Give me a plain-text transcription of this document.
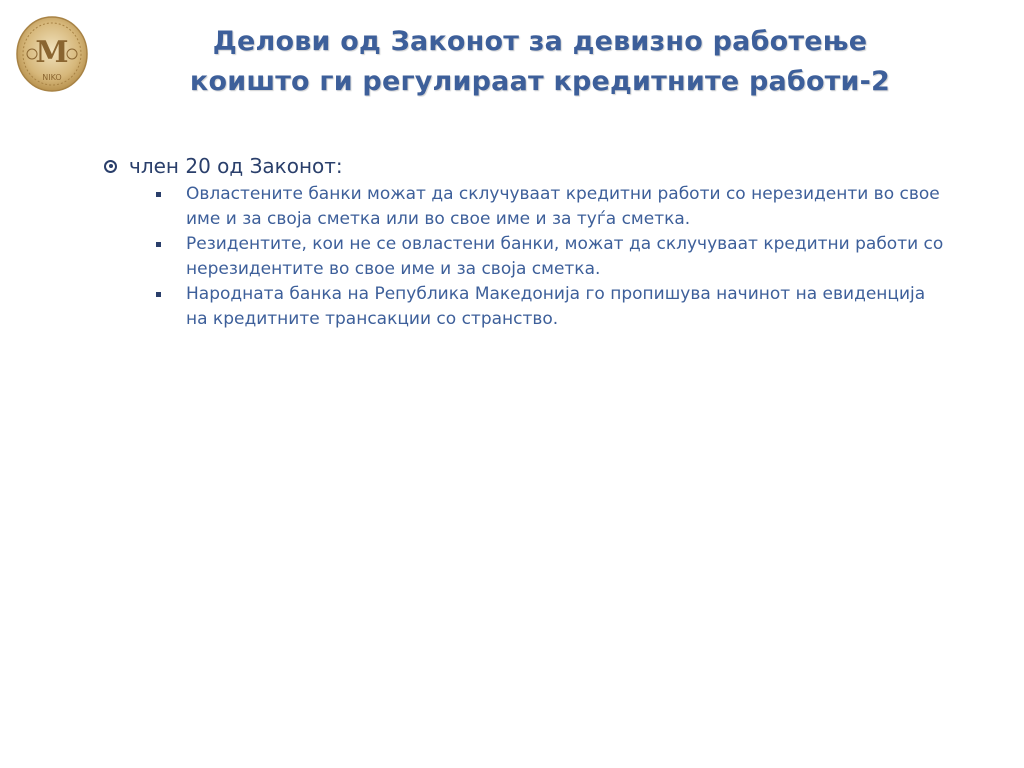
M
NIKO
Делови од Законот за девизно работење
коишто ги регулираат кредитните работи-2
член 20 од Законот:
Овластените банки можат да склучуваат кредитни работи со нерезиденти во свое име и за своја сметка или во свое име и за туѓа сметка.
Резидентите, кои не се овластени банки, можат да склучуваат кредитни работи со нерезидентите во свое име и за своја сметка.
Народната банка на Република Македонија го пропишува начинот на евиденција на кредитните трансакции со странство.
